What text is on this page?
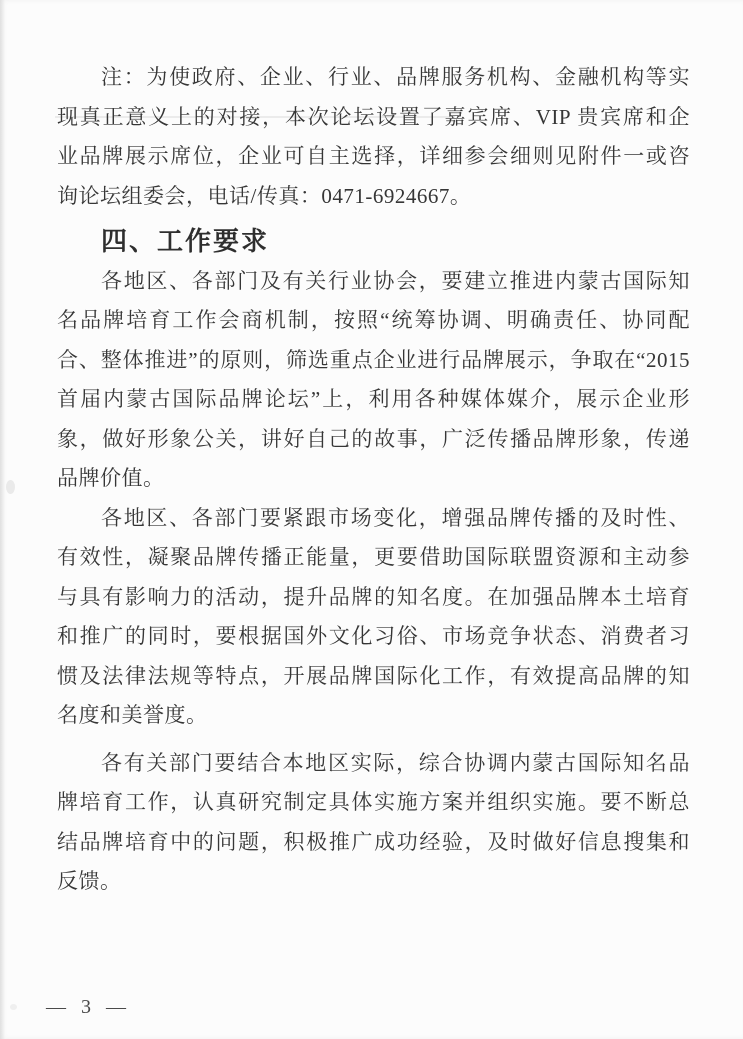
注：为使政府、企业、行业、品牌服务机构、金融机构等实
现真正意义上的对接，本次论坛设置了嘉宾席、VIP 贵宾席和企
业品牌展示席位，企业可自主选择，详细参会细则见附件一或咨
询论坛组委会，电话/传真：0471-6924667。

四、工作要求

各地区、各部门及有关行业协会，要建立推进内蒙古国际知
名品牌培育工作会商机制，按照“统筹协调、明确责任、协同配
合、整体推进”的原则，筛选重点企业进行品牌展示，争取在“2015
首届内蒙古国际品牌论坛”上，利用各种媒体媒介，展示企业形
象，做好形象公关，讲好自己的故事，广泛传播品牌形象，传递
品牌价值。

各地区、各部门要紧跟市场变化，增强品牌传播的及时性、
有效性，凝聚品牌传播正能量，更要借助国际联盟资源和主动参
与具有影响力的活动，提升品牌的知名度。在加强品牌本土培育
和推广的同时，要根据国外文化习俗、市场竞争状态、消费者习
惯及法律法规等特点，开展品牌国际化工作，有效提高品牌的知
名度和美誉度。

各有关部门要结合本地区实际，综合协调内蒙古国际知名品
牌培育工作，认真研究制定具体实施方案并组织实施。要不断总
结品牌培育中的问题，积极推广成功经验，及时做好信息搜集和
反馈。

— 3 —
